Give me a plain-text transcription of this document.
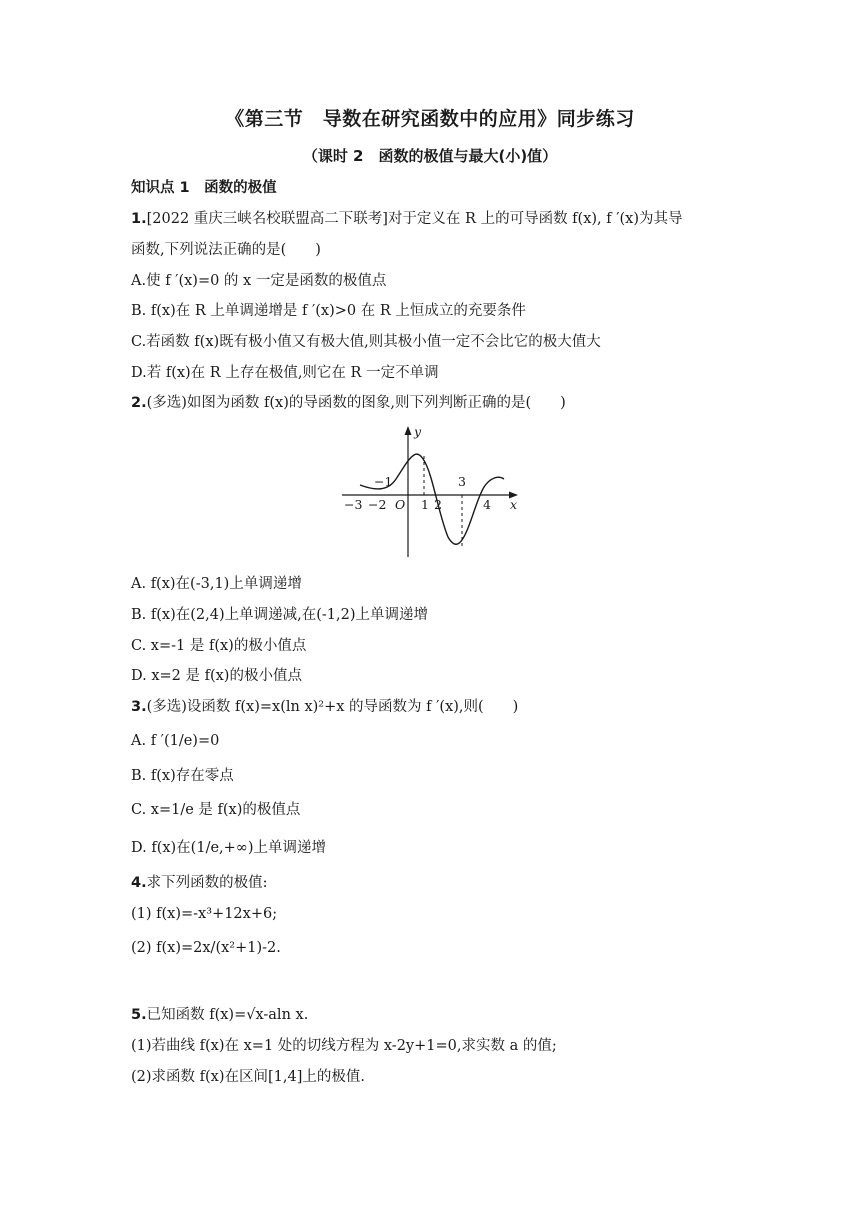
《第三节　导数在研究函数中的应用》同步练习
（课时 2　函数的极值与最大(小)值）
知识点 1　函数的极值
1.[2022 重庆三峡名校联盟高二下联考]对于定义在 R 上的可导函数 f(x), f ′(x)为其导
函数,下列说法正确的是(　　)
A.使 f ′(x)=0 的 x 一定是函数的极值点
B. f(x)在 R 上单调递增是 f ′(x)>0 在 R 上恒成立的充要条件
C.若函数 f(x)既有极小值又有极大值,则其极小值一定不会比它的极大值大
D.若 f(x)在 R 上存在极值,则它在 R 一定不单调
2.(多选)如图为函数 f(x)的导函数的图象,则下列判断正确的是(　　)
y
x
O
−3 −2
−1
1 2
3
4
A. f(x)在(-3,1)上单调递增
B. f(x)在(2,4)上单调递减,在(-1,2)上单调递增
C. x=-1 是 f(x)的极小值点
D. x=2 是 f(x)的极小值点
3.(多选)设函数 f(x)=x(ln x)²+x 的导函数为 f ′(x),则(　　)
A. f ′(1/e)=0
B. f(x)存在零点
C. x=1/e 是 f(x)的极值点
D. f(x)在(1/e,+∞)上单调递增
4.求下列函数的极值:
(1) f(x)=-x³+12x+6;
(2) f(x)=2x/(x²+1)-2.
5.已知函数 f(x)=√x-aln x.
(1)若曲线 f(x)在 x=1 处的切线方程为 x-2y+1=0,求实数 a 的值;
(2)求函数 f(x)在区间[1,4]上的极值.
